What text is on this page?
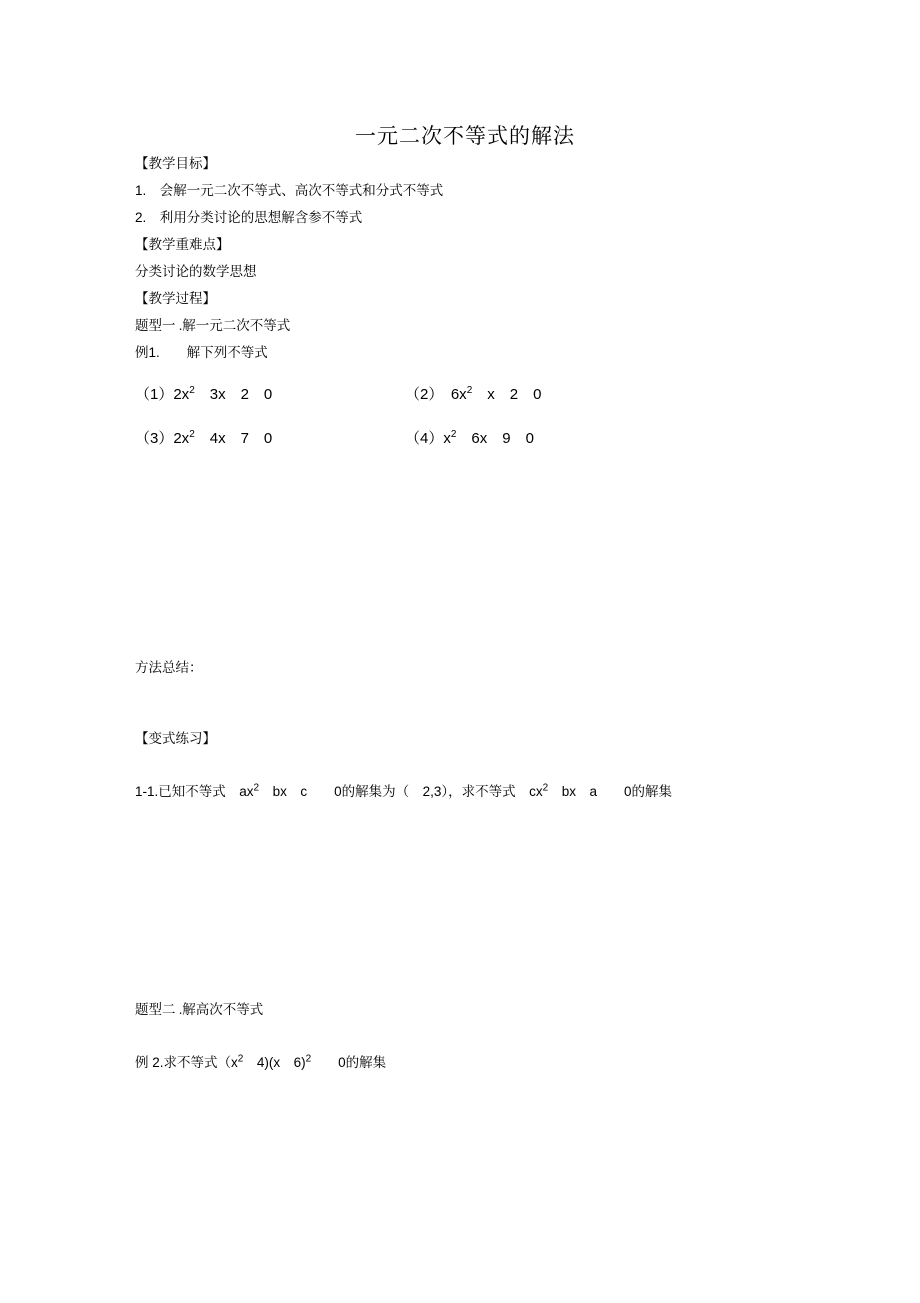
一元二次不等式的解法
【教学目标】
1.　会解一元二次不等式、高次不等式和分式不等式
2.　利用分类讨论的思想解含参不等式
【教学重难点】
分类讨论的数学思想
【教学过程】
题型一 .解一元二次不等式
例1.　　解下列不等式
$(1)2x^2$　3x　2　0	（2）　$6x^2$　x　2　0
$(3)2x^2$　4x　7　0	$(4)x^2$　6x　9　0
方法总结：
【变式练习】
1-1.已知不等式　$ax^2$　bx　c　　0的解集为（　2,3），求不等式　$cx^2$　bx　a　　0的解集
题型二 .解高次不等式
例 2.求不等式（$x^2$　4)(x　6)$^2$　　0的解集
